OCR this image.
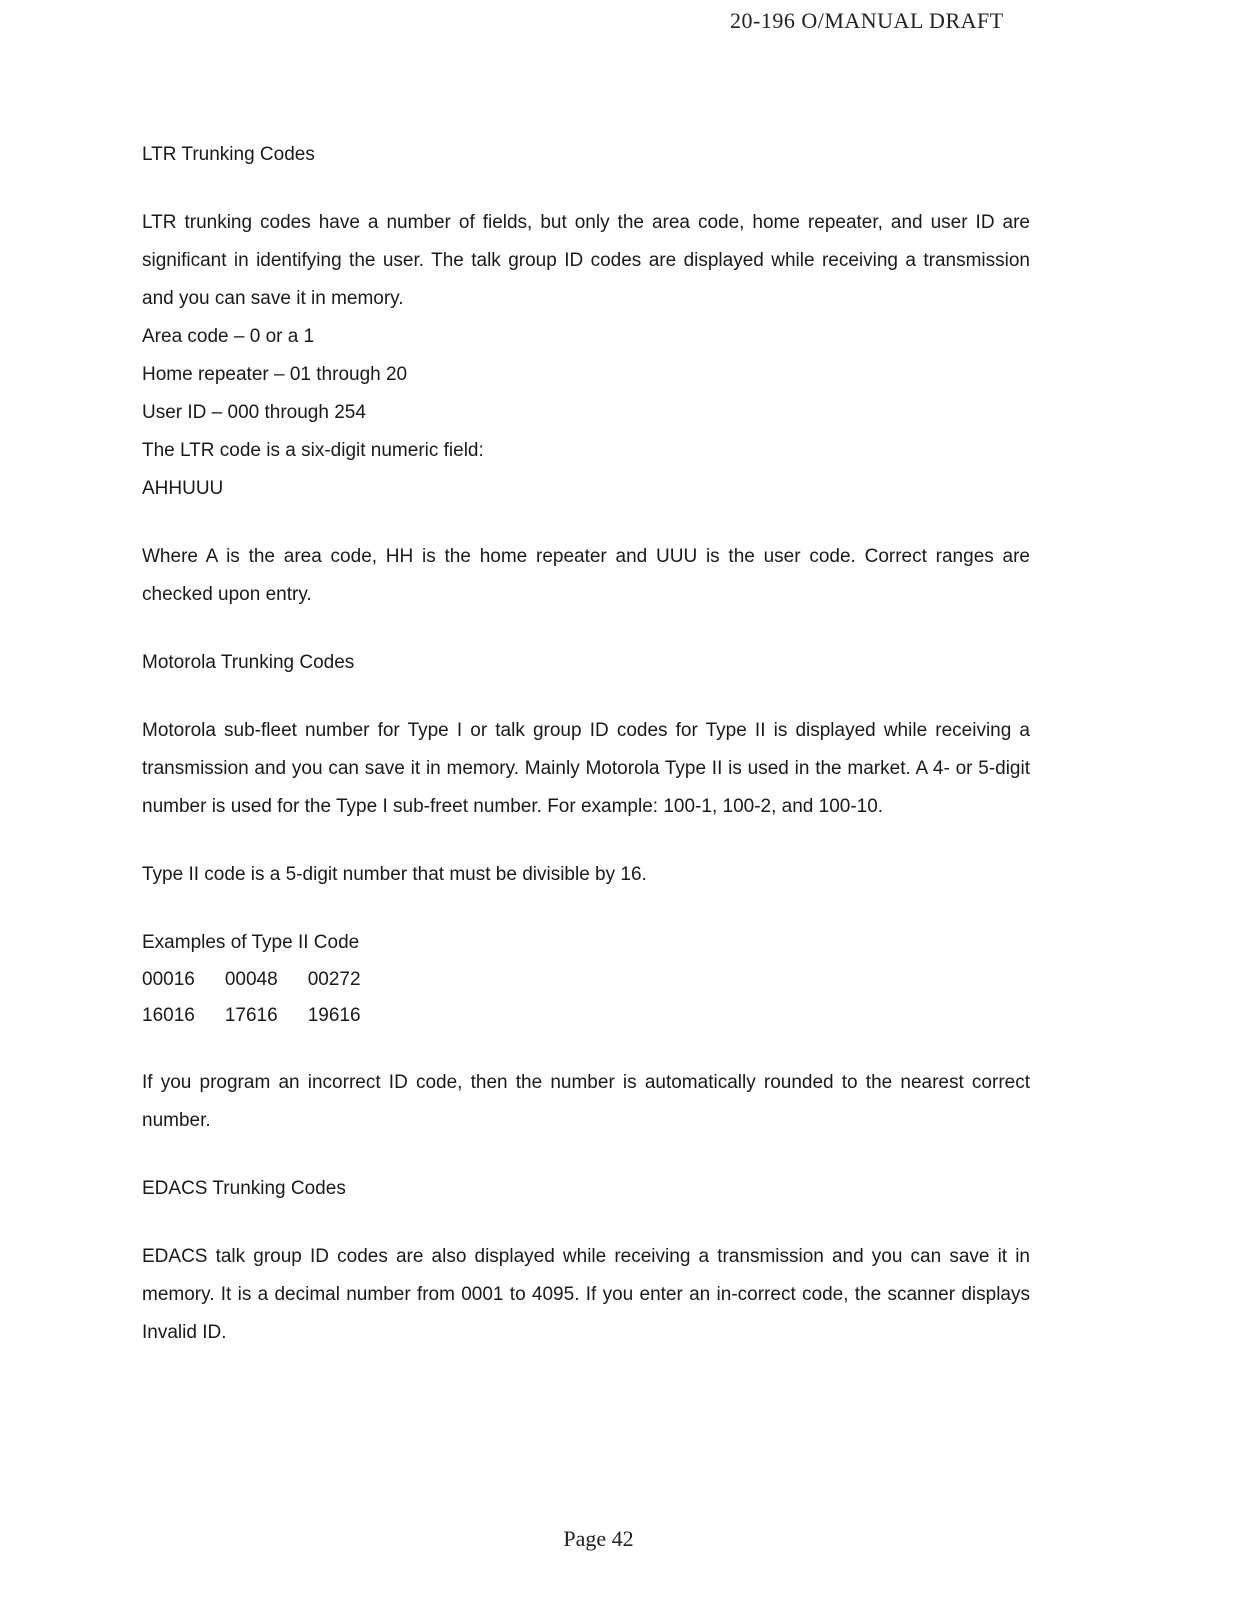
20-196 O/MANUAL DRAFT
LTR Trunking Codes

LTR trunking codes have a number of fields, but only the area code, home repeater, and user ID are significant in identifying the user. The talk group ID codes are displayed while receiving a transmission and you can save it in memory.

Area code – 0 or a 1

Home repeater – 01 through 20

User ID – 000 through 254

The LTR code is a six-digit numeric field:

AHHUUU

Where A is the area code, HH is the home repeater and UUU is the user code. Correct ranges are checked upon entry.

Motorola Trunking Codes

Motorola sub-fleet number for Type I or talk group ID codes for Type II is displayed while receiving a transmission and you can save it in memory. Mainly Motorola Type II is used in the market. A 4- or 5-digit number is used for the Type I sub-freet number. For example: 100-1, 100-2, and 100-10.

Type II code is a 5-digit number that must be divisible by 16.

Examples of Type II Code

00016	00048	00272
16016	17616	19616

If you program an incorrect ID code, then the number is automatically rounded to the nearest correct number.

EDACS Trunking Codes

EDACS talk group ID codes are also displayed while receiving a transmission and you can save it in memory. It is a decimal number from 0001 to 4095. If you enter an in-correct code, the scanner displays Invalid ID.

Page 42
